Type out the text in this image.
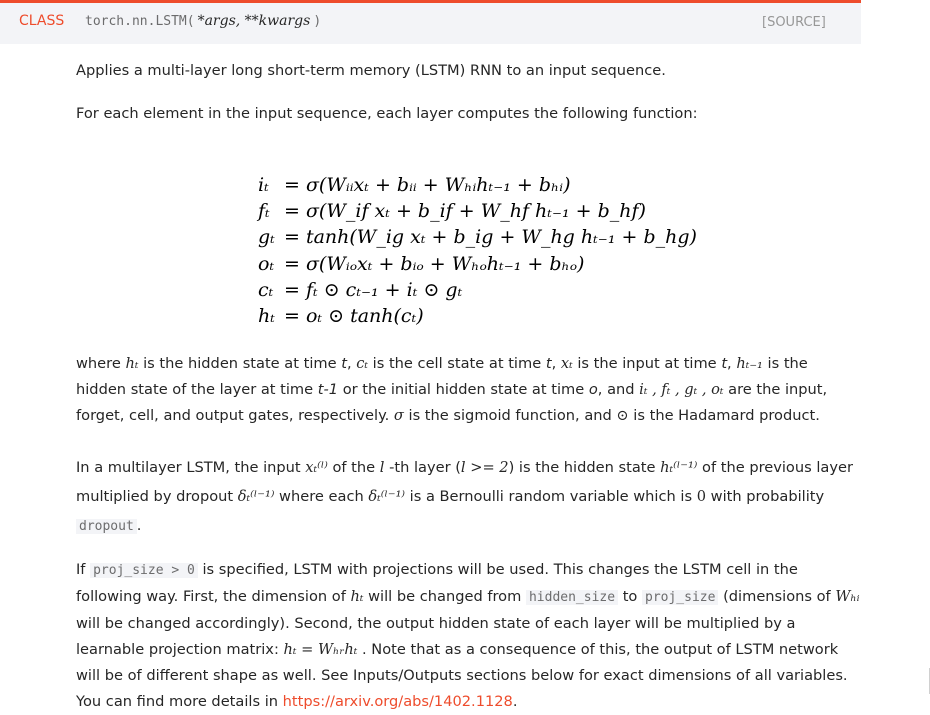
CLASS torch.nn.LSTM( *args, **kwargs )	[SOURCE]
Applies a multi-layer long short-term memory (LSTM) RNN to an input sequence.
For each element in the input sequence, each layer computes the following function:
iₜ = σ(Wᵢᵢxₜ + bᵢᵢ + Wₕᵢhₜ₋₁ + bₕᵢ)
fₜ = σ(W_if xₜ + b_if + W_hf hₜ₋₁ + b_hf)
gₜ = tanh(W_ig xₜ + b_ig + W_hg hₜ₋₁ + b_hg)
oₜ = σ(Wᵢₒxₜ + bᵢₒ + Wₕₒhₜ₋₁ + bₕₒ)
cₜ = fₜ ⊙ cₜ₋₁ + iₜ ⊙ gₜ
hₜ = oₜ ⊙ tanh(cₜ)
where hₜ is the hidden state at time t, cₜ is the cell state at time t, xₜ is the input at time t, hₜ₋₁ is the hidden state of the layer at time t-1 or the initial hidden state at time o, and iₜ , fₜ , gₜ , oₜ are the input, forget, cell, and output gates, respectively. σ is the sigmoid function, and ⊙ is the Hadamard product.
In a multilayer LSTM, the input xₜ⁽ˡ⁾ of the l -th layer (l >= 2) is the hidden state hₜ⁽ˡ⁻¹⁾ of the previous layer multiplied by dropout δₜ⁽ˡ⁻¹⁾ where each δₜ⁽ˡ⁻¹⁾ is a Bernoulli random variable which is 0 with probability dropout .
If proj_size > 0 is specified, LSTM with projections will be used. This changes the LSTM cell in the following way. First, the dimension of hₜ will be changed from hidden_size to proj_size (dimensions of Wₕᵢ will be changed accordingly). Second, the output hidden state of each layer will be multiplied by a learnable projection matrix: hₜ = Wₕᵣhₜ . Note that as a consequence of this, the output of LSTM network will be of different shape as well. See Inputs/Outputs sections below for exact dimensions of all variables. You can find more details in https://arxiv.org/abs/1402.1128.
